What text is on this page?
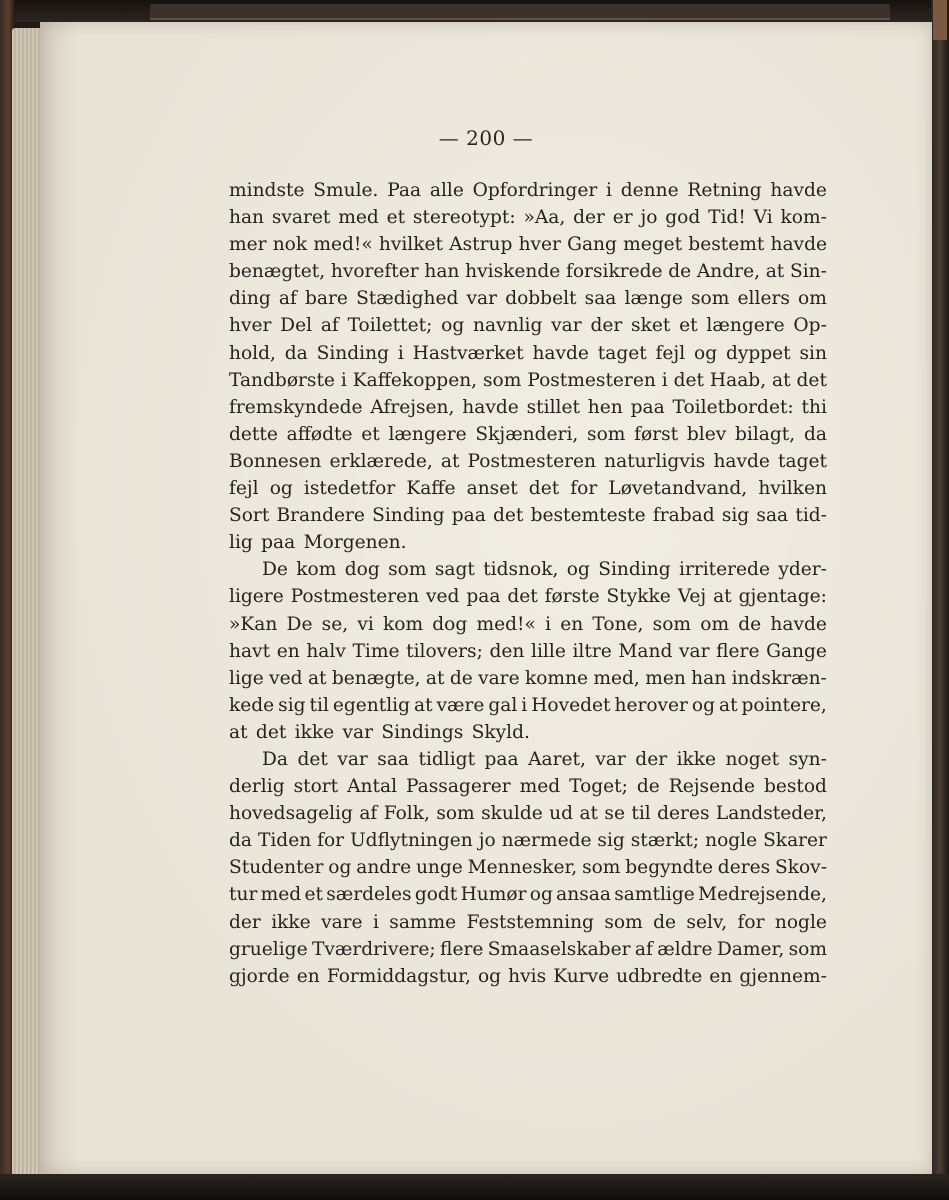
— 200 —
mindste Smule. Paa alle Opfordringer i denne Retning havde
han svaret med et stereotypt: »Aa, der er jo god Tid! Vi kom-
mer nok med!« hvilket Astrup hver Gang meget bestemt havde
benægtet, hvorefter han hviskende forsikrede de Andre, at Sin-
ding af bare Stædighed var dobbelt saa længe som ellers om
hver Del af Toilettet; og navnlig var der sket et længere Op-
hold, da Sinding i Hastværket havde taget fejl og dyppet sin
Tandbørste i Kaffekoppen, som Postmesteren i det Haab, at det
fremskyndede Afrejsen, havde stillet hen paa Toiletbordet: thi
dette affødte et længere Skjænderi, som først blev bilagt, da
Bonnesen erklærede, at Postmesteren naturligvis havde taget
fejl og istedetfor Kaffe anset det for Løvetandvand, hvilken
Sort Brandere Sinding paa det bestemteste frabad sig saa tid-
lig paa Morgenen.
De kom dog som sagt tidsnok, og Sinding irriterede yder-
ligere Postmesteren ved paa det første Stykke Vej at gjentage:
»Kan De se, vi kom dog med!« i en Tone, som om de havde
havt en halv Time tilovers; den lille iltre Mand var flere Gange
lige ved at benægte, at de vare komne med, men han indskræn-
kede sig til egentlig at være gal i Hovedet herover og at pointere,
at det ikke var Sindings Skyld.
Da det var saa tidligt paa Aaret, var der ikke noget syn-
derlig stort Antal Passagerer med Toget; de Rejsende bestod
hovedsagelig af Folk, som skulde ud at se til deres Landsteder,
da Tiden for Udflytningen jo nærmede sig stærkt; nogle Skarer
Studenter og andre unge Mennesker, som begyndte deres Skov-
tur med et særdeles godt Humør og ansaa samtlige Medrejsende,
der ikke vare i samme Feststemning som de selv, for nogle
gruelige Tværdrivere; flere Smaaselskaber af ældre Damer, som
gjorde en Formiddagstur, og hvis Kurve udbredte en gjennem-
